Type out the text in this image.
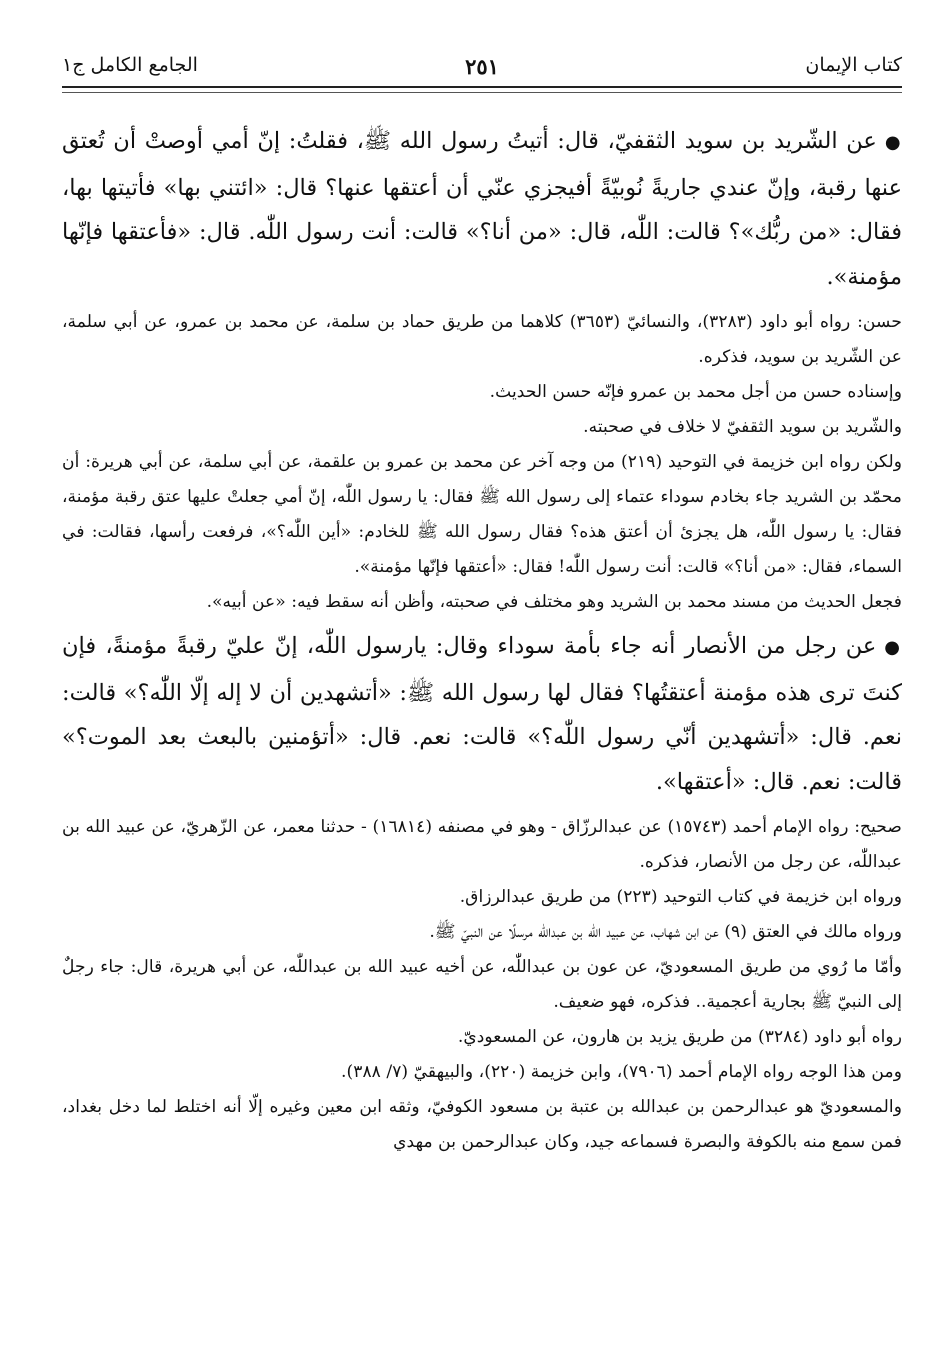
كتاب الإيمان
٢٥١
الجامع الكامل ج١

●عن الشّريد بن سويد الثقفيّ، قال: أتيتُ رسول الله ﷺ، فقلتُ: إنّ أمي أوصتْ أن تُعتق عنها رقبة، وإنّ عندي جاريةً نُوبيّةً أفيجزي عنّي أن أعتقها عنها؟ قال: «ائتني بها» فأتيتها بها، فقال: «من ربُّك»؟ قالت: اللّٰه، قال: «من أنا؟» قالت: أنت رسول اللّٰه. قال: «فأعتقها فإنّها مؤمنة».

حسن: رواه أبو داود (٣٢٨٣)، والنسائيّ (٣٦٥٣) كلاهما من طريق حماد بن سلمة، عن محمد بن عمرو، عن أبي سلمة، عن الشّريد بن سويد، فذكره.

وإسناده حسن من أجل محمد بن عمرو فإنّه حسن الحديث.

والشّريد بن سويد الثقفيّ لا خلاف في صحبته.

ولكن رواه ابن خزيمة في التوحيد (٢١٩) من وجه آخر عن محمد بن عمرو بن علقمة، عن أبي سلمة، عن أبي هريرة: أن محمّد بن الشريد جاء بخادم سوداء عتماء إلى رسول الله ﷺ فقال: يا رسول اللّٰه، إنّ أمي جعلتْ عليها عتق رقبة مؤمنة، فقال: يا رسول اللّٰه، هل يجزئ أن أعتق هذه؟ فقال رسول الله ﷺ للخادم: «أين اللّٰه؟»، فرفعت رأسها، فقالت: في السماء، فقال: «من أنا؟» قالت: أنت رسول اللّٰه! فقال: «أعتقها فإنّها مؤمنة».

فجعل الحديث من مسند محمد بن الشريد وهو مختلف في صحبته، وأظن أنه سقط فيه: «عن أبيه».

●عن رجل من الأنصار أنه جاء بأمة سوداء وقال: يارسول اللّٰه، إنّ عليّ رقبةً مؤمنةً، فإن كنتَ ترى هذه مؤمنة أعتقتُها؟ فقال لها رسول الله ﷺ: «أتشهدين أن لا إله إلّا اللّٰه؟» قالت: نعم. قال: «أتشهدين أنّي رسول اللّٰه؟» قالت: نعم. قال: «أتؤمنين بالبعث بعد الموت؟» قالت: نعم. قال: «أعتقها».

صحيح: رواه الإمام أحمد (١٥٧٤٣) عن عبدالرزّاق - وهو في مصنفه (١٦٨١٤) - حدثنا معمر، عن الزّهريّ، عن عبيد الله بن عبداللّٰه، عن رجل من الأنصار، فذكره.

ورواه ابن خزيمة في كتاب التوحيد (٢٢٣) من طريق عبدالرزاق.

ورواه مالك في العتق (٩) عن ابن شهاب، عن عبيد الله بن عبدالله مرسلًا عن النبيّ ﷺ.

وأمّا ما رُوي من طريق المسعوديّ، عن عون بن عبداللّٰه، عن أخيه عبيد الله بن عبداللّٰه، عن أبي هريرة، قال: جاء رجلٌ إلى النبيّ ﷺ بجارية أعجمية.. فذكره، فهو ضعيف.

رواه أبو داود (٣٢٨٤) من طريق يزيد بن هارون، عن المسعوديّ.

ومن هذا الوجه رواه الإمام أحمد (٧٩٠٦)، وابن خزيمة (٢٢٠)، والبيهقيّ (٧/ ٣٨٨).

والمسعوديّ هو عبدالرحمن بن عبدالله بن عتبة بن مسعود الكوفيّ، وثقه ابن معين وغيره إلّا أنه اختلط لما دخل بغداد، فمن سمع منه بالكوفة والبصرة فسماعه جيد، وكان عبدالرحمن بن مهدي
